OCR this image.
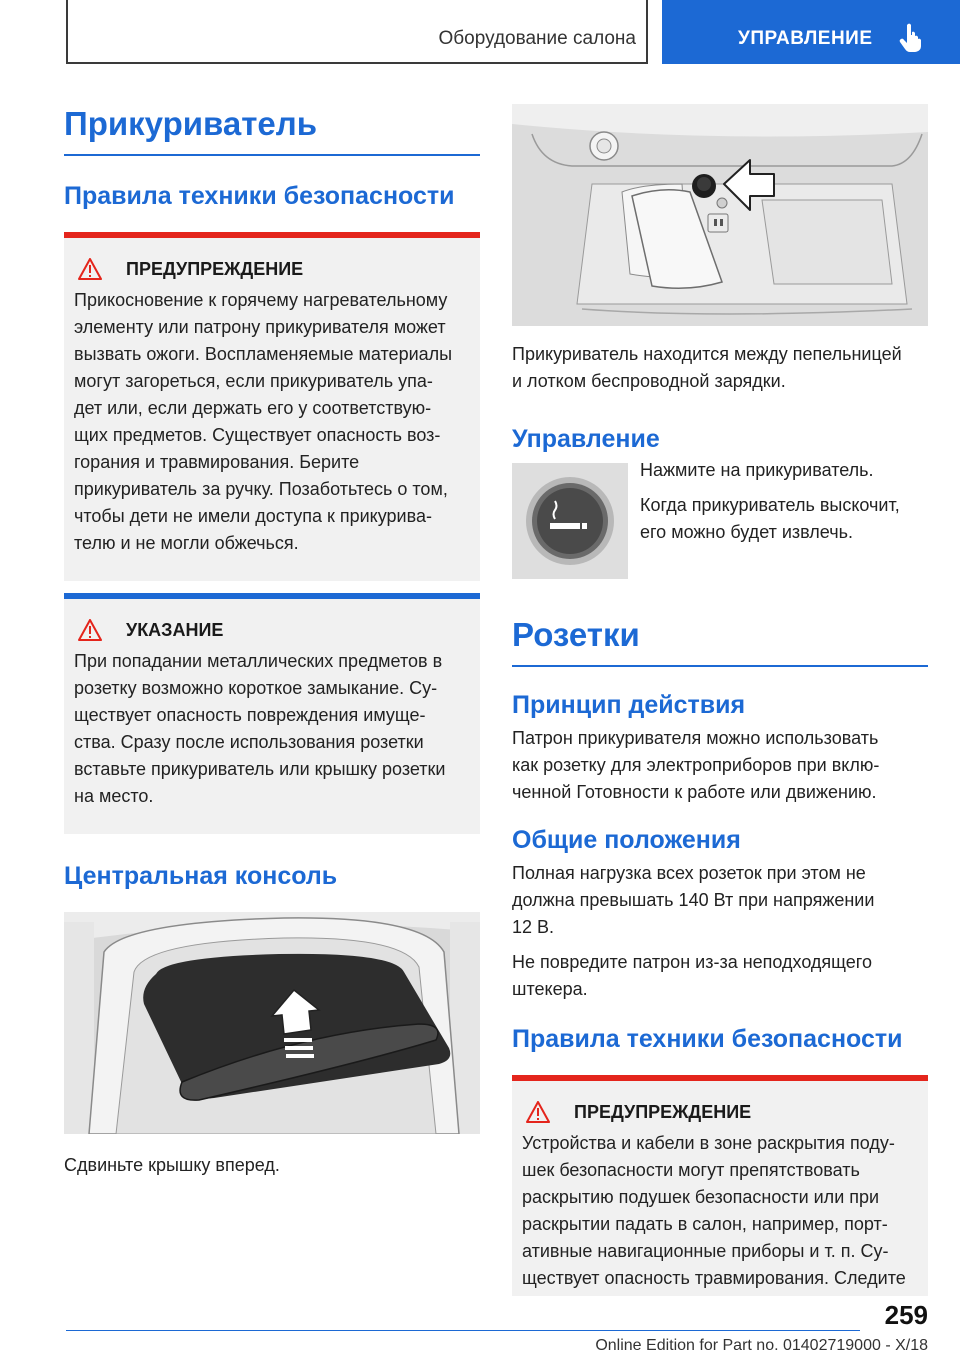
Оборудование салона	УПРАВЛЕНИЕ
Прикуриватель
Правила техники безопасности
ПРЕДУПРЕЖДЕНИЕ
Прикосновение к горячему нагревательному
элементу или патрону прикуривателя может
вызвать ожоги. Воспламеняемые материалы
могут загореться, если прикуриватель упа-
дет или, если держать его у соответствую-
щих предметов. Существует опасность воз-
горания и травмирования. Берите
прикуриватель за ручку. Позаботьтесь о том,
чтобы дети не имели доступа к прикурива-
телю и не могли обжечься.
УКАЗАНИЕ
При попадании металлических предметов в
розетку возможно короткое замыкание. Су-
ществует опасность повреждения имуще-
ства. Сразу после использования розетки
вставьте прикуриватель или крышку розетки
на место.
Центральная консоль
Сдвиньте крышку вперед.
Прикуриватель находится между пепельницей
и лотком беспроводной зарядки.
Управление
Нажмите на прикуриватель.
Когда прикуриватель выскочит,
его можно будет извлечь.
Розетки
Принцип действия
Патрон прикуривателя можно использовать
как розетку для электроприборов при вклю-
ченной Готовности к работе или движению.
Общие положения
Полная нагрузка всех розеток при этом не
должна превышать 140 Вт при напряжении
12 В.
Не повредите патрон из-за неподходящего
штекера.
Правила техники безопасности
ПРЕДУПРЕЖДЕНИЕ
Устройства и кабели в зоне раскрытия поду-
шек безопасности могут препятствовать
раскрытию подушек безопасности или при
раскрытии падать в салон, например, порт-
ативные навигационные приборы и т. п. Су-
ществует опасность травмирования. Следите
259
Online Edition for Part no. 01402719000 - X/18
